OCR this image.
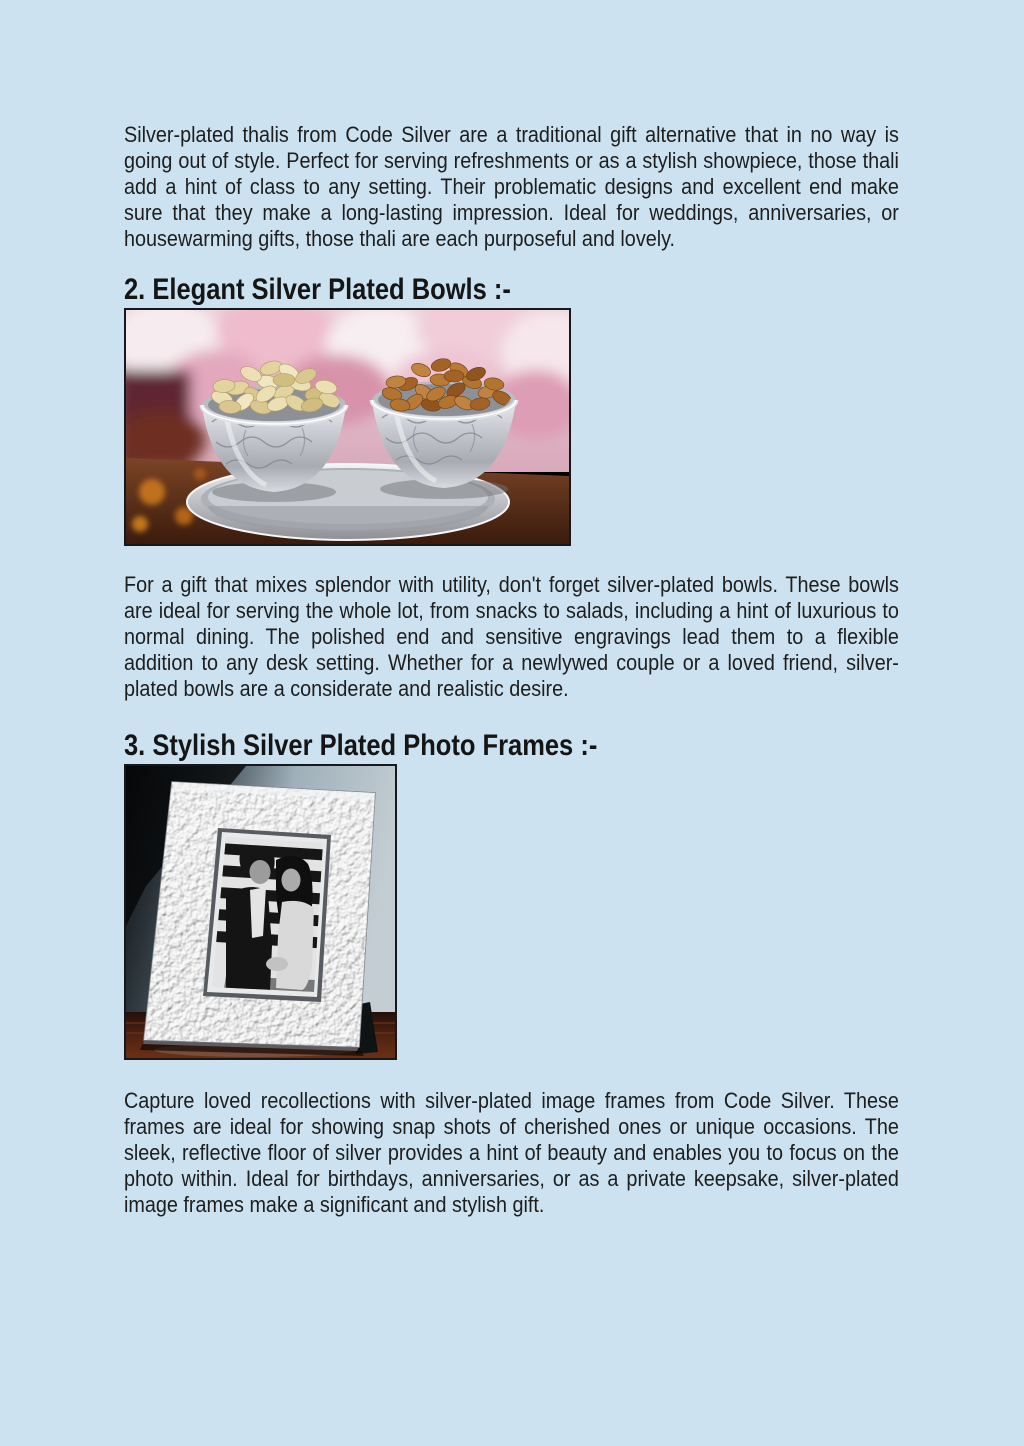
Silver-plated thalis from Code Silver are a traditional gift alternative that in no way is going out of style. Perfect for serving refreshments or as a stylish showpiece, those thali add a hint of class to any setting. Their problematic designs and excellent end make sure that they make a long-lasting impression. Ideal for weddings, anniversaries, or housewarming gifts, those thali are each purposeful and lovely.

2. Elegant Silver Plated Bowls :-

For a gift that mixes splendor with utility, don't forget silver-plated bowls. These bowls are ideal for serving the whole lot, from snacks to salads, including a hint of luxurious to normal dining. The polished end and sensitive engravings lead them to a flexible addition to any desk setting. Whether for a newlywed couple or a loved friend, silver-plated bowls are a considerate and realistic desire.

3. Stylish Silver Plated Photo Frames :-

Capture loved recollections with silver-plated image frames from Code Silver. These frames are ideal for showing snap shots of cherished ones or unique occasions. The sleek, reflective floor of silver provides a hint of beauty and enables you to focus on the photo within. Ideal for birthdays, anniversaries, or as a private keepsake, silver-plated image frames make a significant and stylish gift.
